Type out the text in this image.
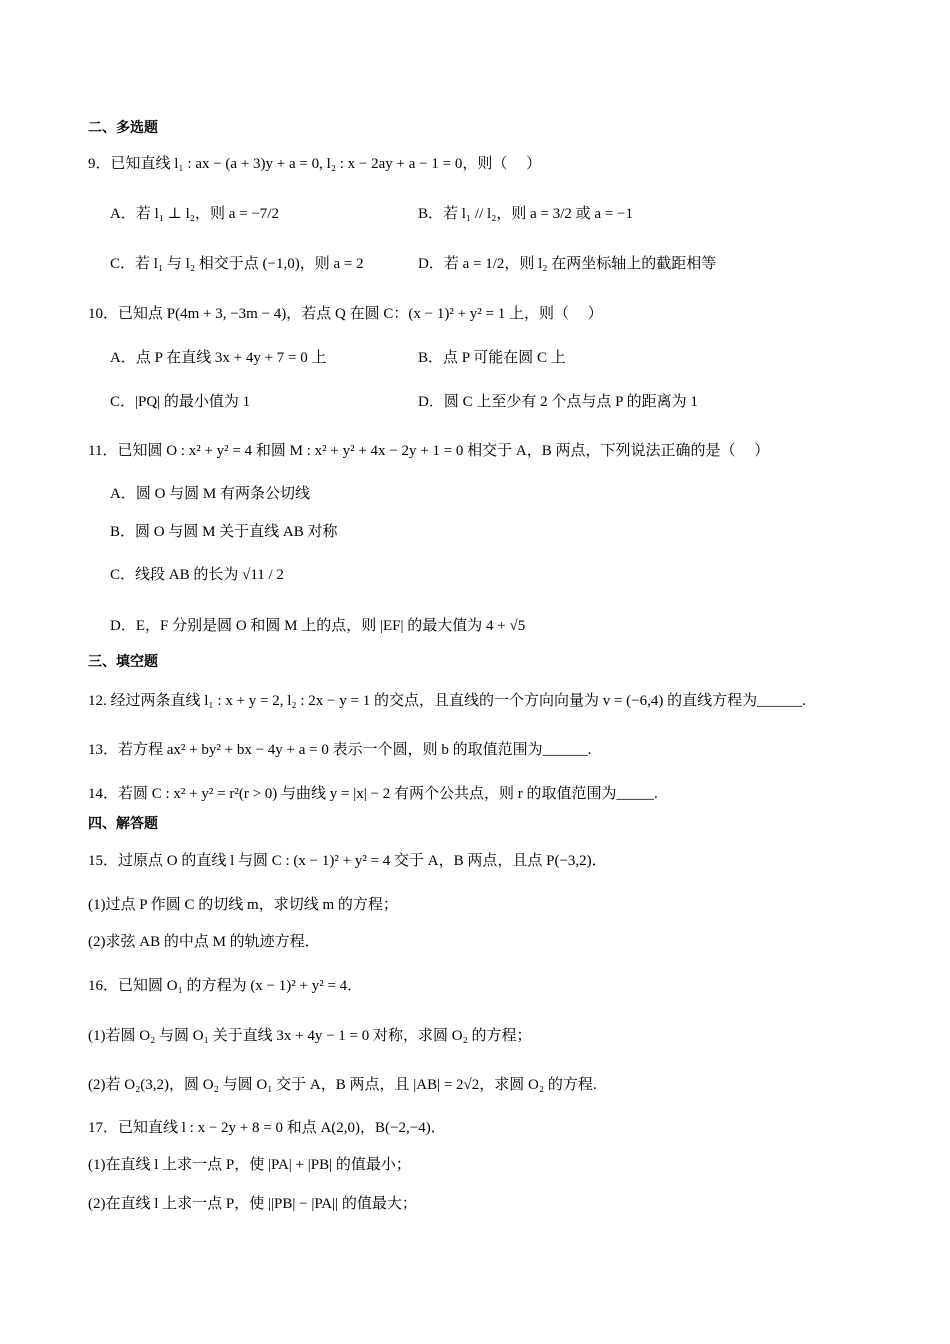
二、多选题
9．已知直线 l₁ : ax − (a + 3)y + a = 0, l₂ : x − 2ay + a − 1 = 0，则（　 ）
A．若 l₁ ⊥ l₂，则 a = −7/2	B．若 l₁ // l₂，则 a = 3/2 或 a = −1
C．若 l₁ 与 l₂ 相交于点 (−1,0)，则 a = 2	D．若 a = 1/2，则 l₂ 在两坐标轴上的截距相等
10．已知点 P(4m + 3, −3m − 4)，若点 Q 在圆 C：(x − 1)² + y² = 1 上，则（　 ）
A．点 P 在直线 3x + 4y + 7 = 0 上	B．点 P 可能在圆 C 上
C．|PQ| 的最小值为 1	D．圆 C 上至少有 2 个点与点 P 的距离为 1
11．已知圆 O : x² + y² = 4 和圆 M : x² + y² + 4x − 2y + 1 = 0 相交于 A，B 两点，下列说法正确的是（　 ）
A．圆 O 与圆 M 有两条公切线
B．圆 O 与圆 M 关于直线 AB 对称
C．线段 AB 的长为 √11 / 2
D．E，F 分别是圆 O 和圆 M 上的点，则 |EF| 的最大值为 4 + √5
三、填空题
12. 经过两条直线 l₁ : x + y = 2, l₂ : 2x − y = 1 的交点，且直线的一个方向向量为 v = (−6,4) 的直线方程为______.
13．若方程 ax² + by² + bx − 4y + a = 0 表示一个圆，则 b 的取值范围为______.
14．若圆 C : x² + y² = r²(r > 0) 与曲线 y = |x| − 2 有两个公共点，则 r 的取值范围为_____.
四、解答题
15．过原点 O 的直线 l 与圆 C : (x − 1)² + y² = 4 交于 A，B 两点，且点 P(−3,2)．
(1)过点 P 作圆 C 的切线 m，求切线 m 的方程；
(2)求弦 AB 的中点 M 的轨迹方程．
16．已知圆 O₁ 的方程为 (x − 1)² + y² = 4．
(1)若圆 O₂ 与圆 O₁ 关于直线 3x + 4y − 1 = 0 对称，求圆 O₂ 的方程；
(2)若 O₂(3,2)，圆 O₂ 与圆 O₁ 交于 A，B 两点，且 |AB| = 2√2，求圆 O₂ 的方程.
17．已知直线 l : x − 2y + 8 = 0 和点 A(2,0)，B(−2,−4)．
(1)在直线 l 上求一点 P，使 |PA| + |PB| 的值最小；
(2)在直线 l 上求一点 P，使 ||PB| − |PA|| 的值最大；
